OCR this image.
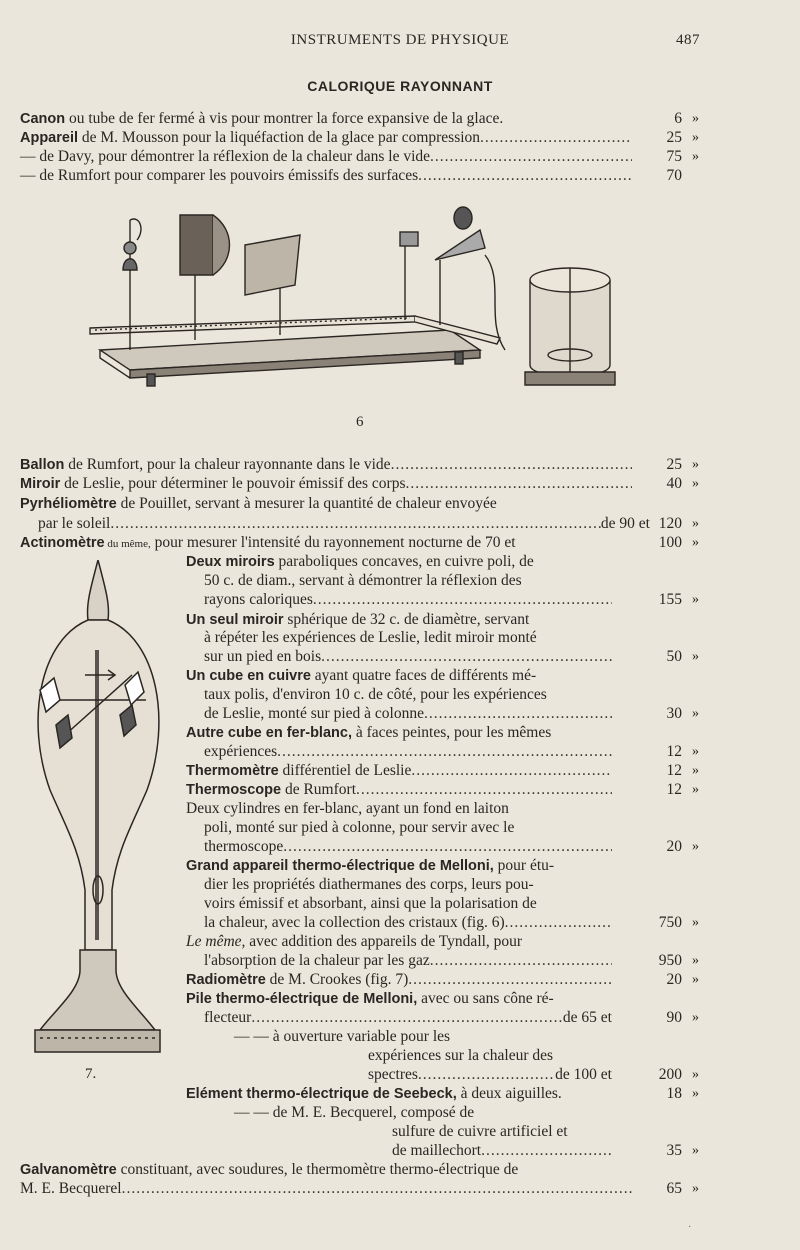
INSTRUMENTS DE PHYSIQUE	487
CALORIQUE RAYONNANT
6
7.
Canon ou tube de fer fermé à vis pour montrer la force expansive de la glace.	6 »
Appareil de M. Mousson pour la liquéfaction de la glace par compression .....	25 »
— de Davy, pour démontrer la réflexion de la chaleur dans le vide .....	75 »
— de Rumfort pour comparer les pouvoirs émissifs des surfaces .....	70
Ballon de Rumfort, pour la chaleur rayonnante dans le vide .....	25 »
Miroir de Leslie, pour déterminer le pouvoir émissif des corps .....	40 »
Pyrhéliomètre de Pouillet, servant à mesurer la quantité de chaleur envoyée
par le soleil .....	de 90 et 120 »
Actinomètre du même, pour mesurer l'intensité du rayonnement nocturne de 70 et	100 »
Deux miroirs paraboliques concaves, en cuivre poli, de
50 c. de diam., servant à démontrer la réflexion des
rayons caloriques .....	155 »
Un seul miroir sphérique de 32 c. de diamètre, servant
à répéter les expériences de Leslie, ledit miroir monté
sur un pied en bois .....	50 »
Un cube en cuivre ayant quatre faces de différents mé-
taux polis, d'environ 10 c. de côté, pour les expériences
de Leslie, monté sur pied à colonne .....	30 »
Autre cube en fer-blanc, à faces peintes, pour les mêmes
expériences .....	12 »
Thermomètre différentiel de Leslie .....	12 »
Thermoscope de Rumfort .....	12 »
Deux cylindres en fer-blanc, ayant un fond en laiton
poli, monté sur pied à colonne, pour servir avec le
thermoscope .....	20 »
Grand appareil thermo-électrique de Melloni, pour étu-
dier les propriétés diathermanes des corps, leurs pou-
voirs émissif et absorbant, ainsi que la polarisation de
la chaleur, avec la collection des cristaux (fig. 6) .....	750 »
Le même, avec addition des appareils de Tyndall, pour
l'absorption de la chaleur par les gaz .....	950 »
Radiomètre de M. Crookes (fig. 7) .....	20 »
Pile thermo-électrique de Melloni, avec ou sans cône ré-
flecteur .....	de 65 et	90 »
— — à ouverture variable pour les
expériences sur la chaleur des
spectres .....	de 100 et	200 »
Elément thermo-électrique de Seebeck, à deux aiguilles.	18 »
— — de M. E. Becquerel, composé de
sulfure de cuivre artificiel et
de maillechort .....	35 »
Galvanomètre constituant, avec soudures, le thermomètre thermo-électrique de
M. E. Becquerel .....	65 »
·
